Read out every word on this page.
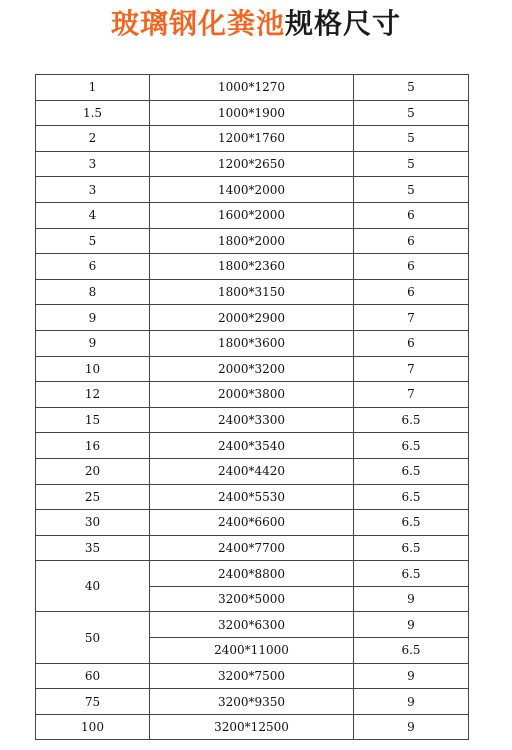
玻璃钢化粪池规格尺寸
1	1000*1270	5
1.5	1000*1900	5
2	1200*1760	5
3	1200*2650	5
3	1400*2000	5
4	1600*2000	6
5	1800*2000	6
6	1800*2360	6
8	1800*3150	6
9	2000*2900	7
9	1800*3600	6
10	2000*3200	7
12	2000*3800	7
15	2400*3300	6.5
16	2400*3540	6.5
20	2400*4420	6.5
25	2400*5530	6.5
30	2400*6600	6.5
35	2400*7700	6.5
40	2400*8800	6.5
	3200*5000	9
50	3200*6300	9
	2400*11000	6.5
60	3200*7500	9
75	3200*9350	9
100	3200*12500	9
